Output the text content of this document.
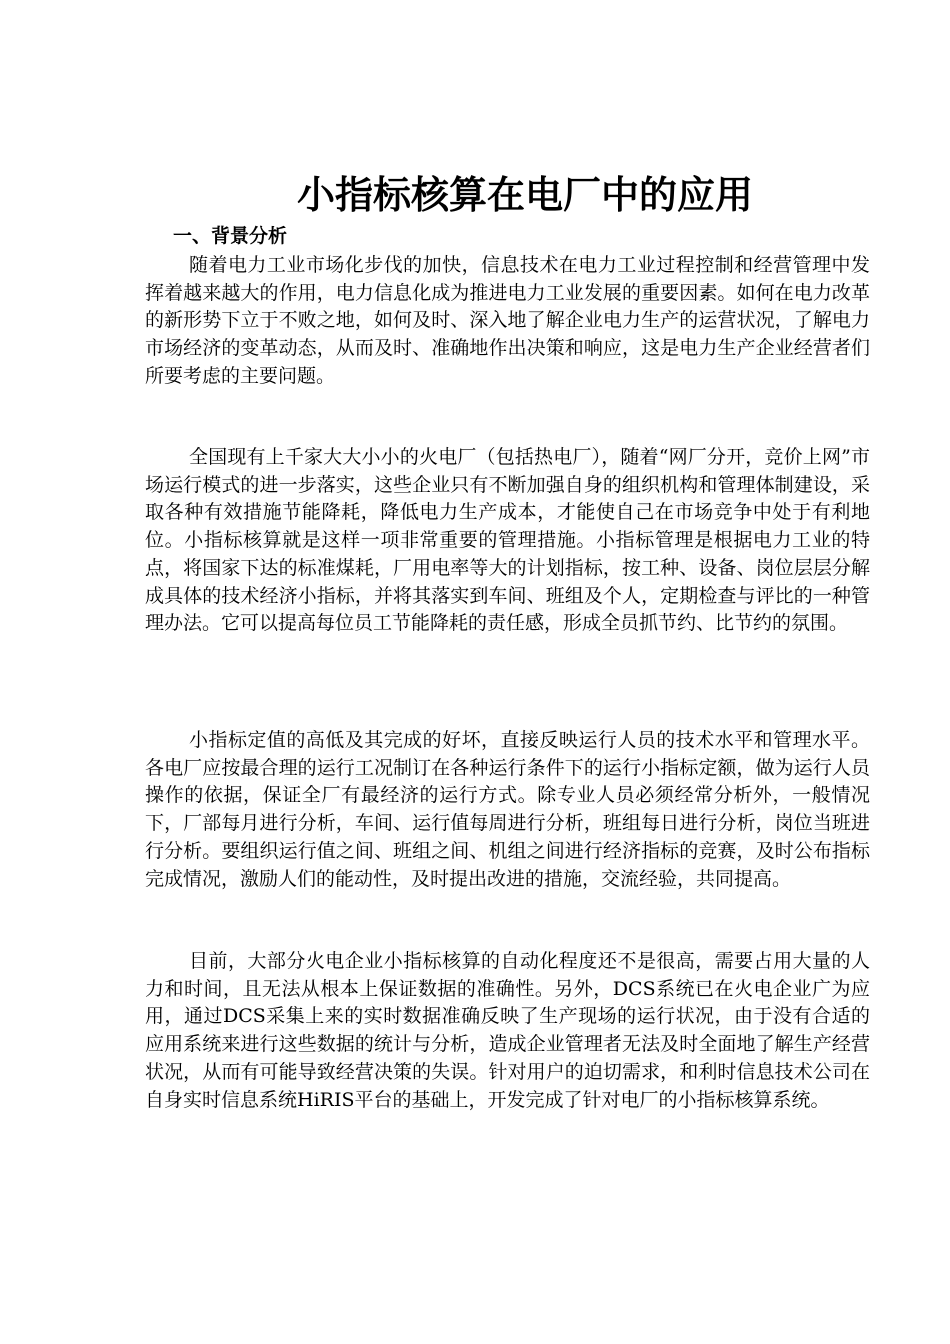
小指标核算在电厂中的应用
一、背景分析

随着电力工业市场化步伐的加快，信息技术在电力工业过程控制和经营管理中发挥着越来越大的作用，电力信息化成为推进电力工业发展的重要因素。如何在电力改革的新形势下立于不败之地，如何及时、深入地了解企业电力生产的运营状况，了解电力市场经济的变革动态，从而及时、准确地作出决策和响应，这是电力生产企业经营者们所要考虑的主要问题。

全国现有上千家大大小小的火电厂（包括热电厂），随着“网厂分开，竞价上网”市场运行模式的进一步落实，这些企业只有不断加强自身的组织机构和管理体制建设，采取各种有效措施节能降耗，降低电力生产成本，才能使自己在市场竞争中处于有利地位。小指标核算就是这样一项非常重要的管理措施。小指标管理是根据电力工业的特点，将国家下达的标准煤耗，厂用电率等大的计划指标，按工种、设备、岗位层层分解成具体的技术经济小指标，并将其落实到车间、班组及个人，定期检查与评比的一种管理办法。它可以提高每位员工节能降耗的责任感，形成全员抓节约、比节约的氛围。

小指标定值的高低及其完成的好坏，直接反映运行人员的技术水平和管理水平。各电厂应按最合理的运行工况制订在各种运行条件下的运行小指标定额，做为运行人员操作的依据，保证全厂有最经济的运行方式。除专业人员必须经常分析外，一般情况下，厂部每月进行分析，车间、运行值每周进行分析，班组每日进行分析，岗位当班进行分析。要组织运行值之间、班组之间、机组之间进行经济指标的竞赛，及时公布指标完成情况，激励人们的能动性，及时提出改进的措施，交流经验，共同提高。

目前，大部分火电企业小指标核算的自动化程度还不是很高，需要占用大量的人力和时间，且无法从根本上保证数据的准确性。另外，DCS系统已在火电企业广为应用，通过DCS采集上来的实时数据准确反映了生产现场的运行状况，由于没有合适的应用系统来进行这些数据的统计与分析，造成企业管理者无法及时全面地了解生产经营状况，从而有可能导致经营决策的失误。针对用户的迫切需求，和利时信息技术公司在自身实时信息系统HiRIS平台的基础上，开发完成了针对电厂的小指标核算系统。
